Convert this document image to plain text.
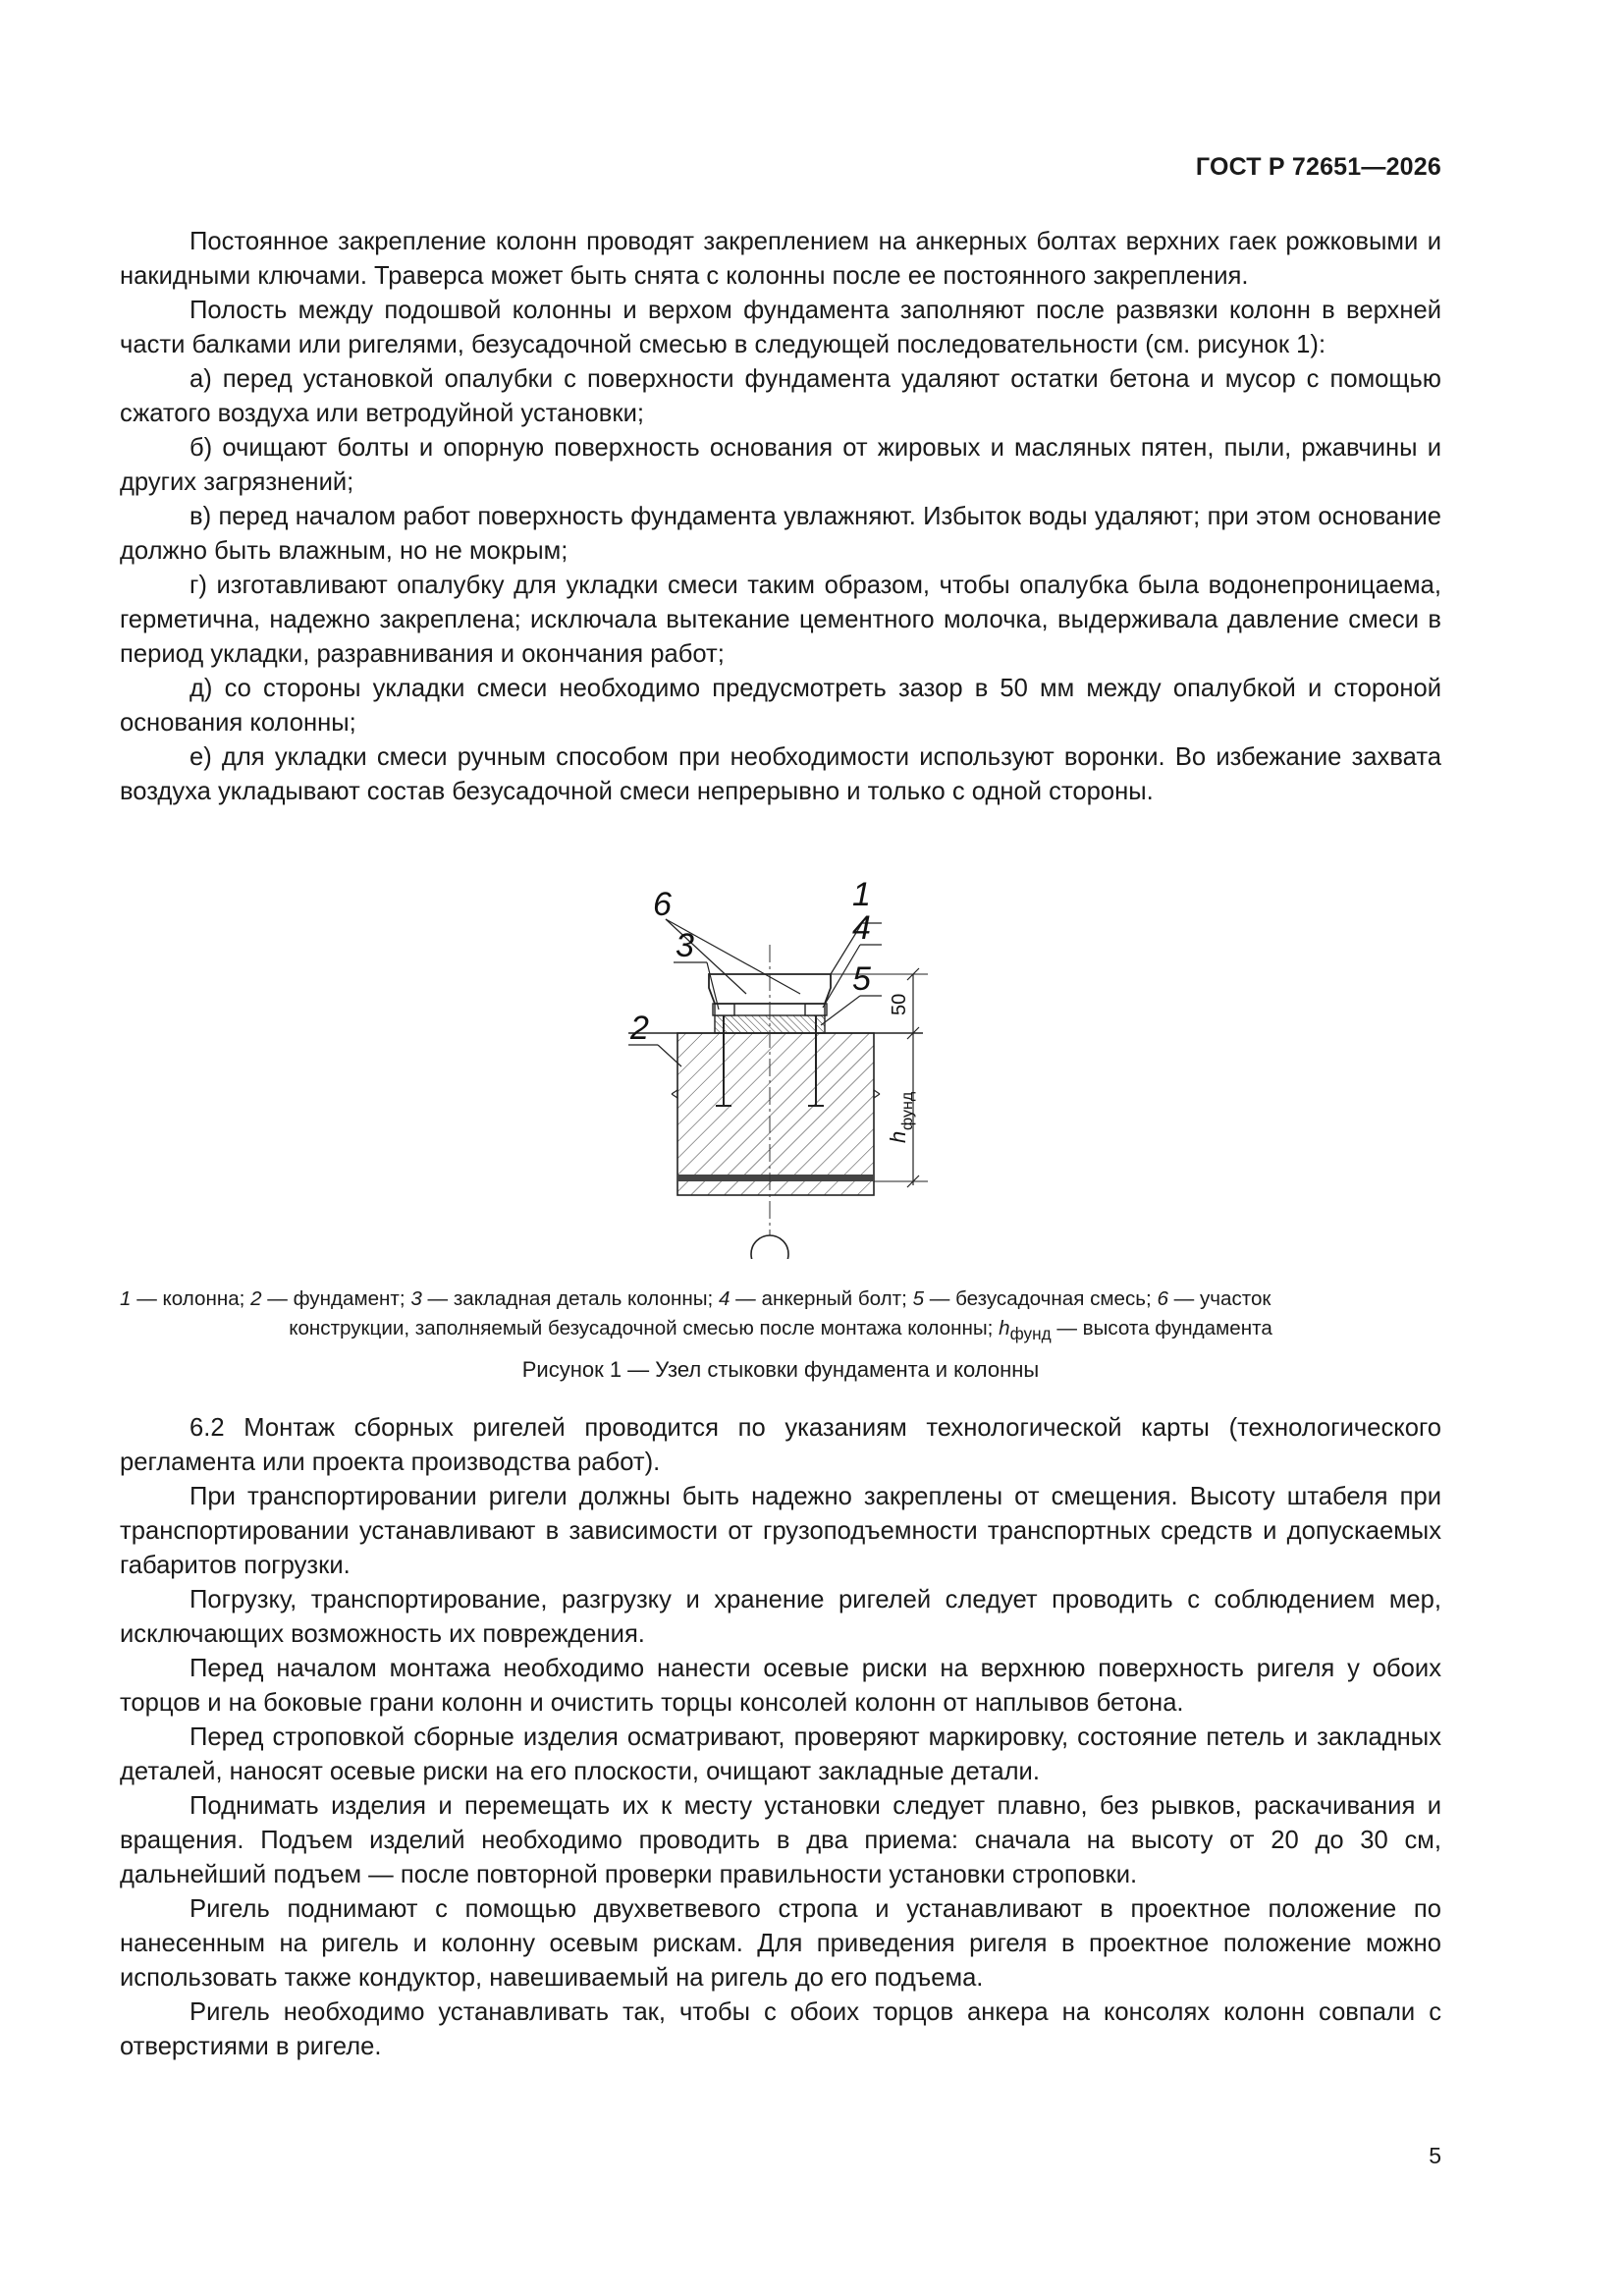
ГОСТ Р 72651—2026

Постоянное закрепление колонн проводят закреплением на анкерных болтах верхних гаек рожковыми и накидными ключами. Траверса может быть снята с колонны после ее постоянного закрепления.

Полость между подошвой колонны и верхом фундамента заполняют после развязки колонн в верхней части балками или ригелями, безусадочной смесью в следующей последовательности (см. рисунок 1):

а) перед установкой опалубки с поверхности фундамента удаляют остатки бетона и мусор с помощью сжатого воздуха или ветродуйной установки;

б) очищают болты и опорную поверхность основания от жировых и масляных пятен, пыли, ржавчины и других загрязнений;

в) перед началом работ поверхность фундамента увлажняют. Избыток воды удаляют; при этом основание должно быть влажным, но не мокрым;

г) изготавливают опалубку для укладки смеси таким образом, чтобы опалубка была водонепроницаема, герметична, надежно закреплена; исключала вытекание цементного молочка, выдерживала давление смеси в период укладки, разравнивания и окончания работ;

д) со стороны укладки смеси необходимо предусмотреть зазор в 50 мм между опалубкой и стороной основания колонны;

е) для укладки смеси ручным способом при необходимости используют воронки. Во избежание захвата воздуха укладывают состав безусадочной смеси непрерывно и только с одной стороны.

6	1
4
3
5
2
50
h
фунд
1 — колонна; 2 — фундамент; 3 — закладная деталь колонны; 4 — анкерный болт; 5 — безусадочная смесь; 6 — участок
конструкции, заполняемый безусадочной смесью после монтажа колонны; $h_{фунд}$ — высота фундамента
Рисунок 1 — Узел стыковки фундамента и колонны

6.2 Монтаж сборных ригелей проводится по указаниям технологической карты (технологического регламента или проекта производства работ).

При транспортировании ригели должны быть надежно закреплены от смещения. Высоту штабеля при транспортировании устанавливают в зависимости от грузоподъемности транспортных средств и допускаемых габаритов погрузки.

Погрузку, транспортирование, разгрузку и хранение ригелей следует проводить с соблюдением мер, исключающих возможность их повреждения.

Перед началом монтажа необходимо нанести осевые риски на верхнюю поверхность ригеля у обоих торцов и на боковые грани колонн и очистить торцы консолей колонн от наплывов бетона.

Перед строповкой сборные изделия осматривают, проверяют маркировку, состояние петель и закладных деталей, наносят осевые риски на его плоскости, очищают закладные детали.

Поднимать изделия и перемещать их к месту установки следует плавно, без рывков, раскачивания и вращения. Подъем изделий необходимо проводить в два приема: сначала на высоту от 20 до 30 см, дальнейший подъем — после повторной проверки правильности установки строповки.

Ригель поднимают с помощью двухветвевого стропа и устанавливают в проектное положение по нанесенным на ригель и колонну осевым рискам. Для приведения ригеля в проектное положение можно использовать также кондуктор, навешиваемый на ригель до его подъема.

Ригель необходимо устанавливать так, чтобы с обоих торцов анкера на консолях колонн совпали с отверстиями в ригеле.

5
